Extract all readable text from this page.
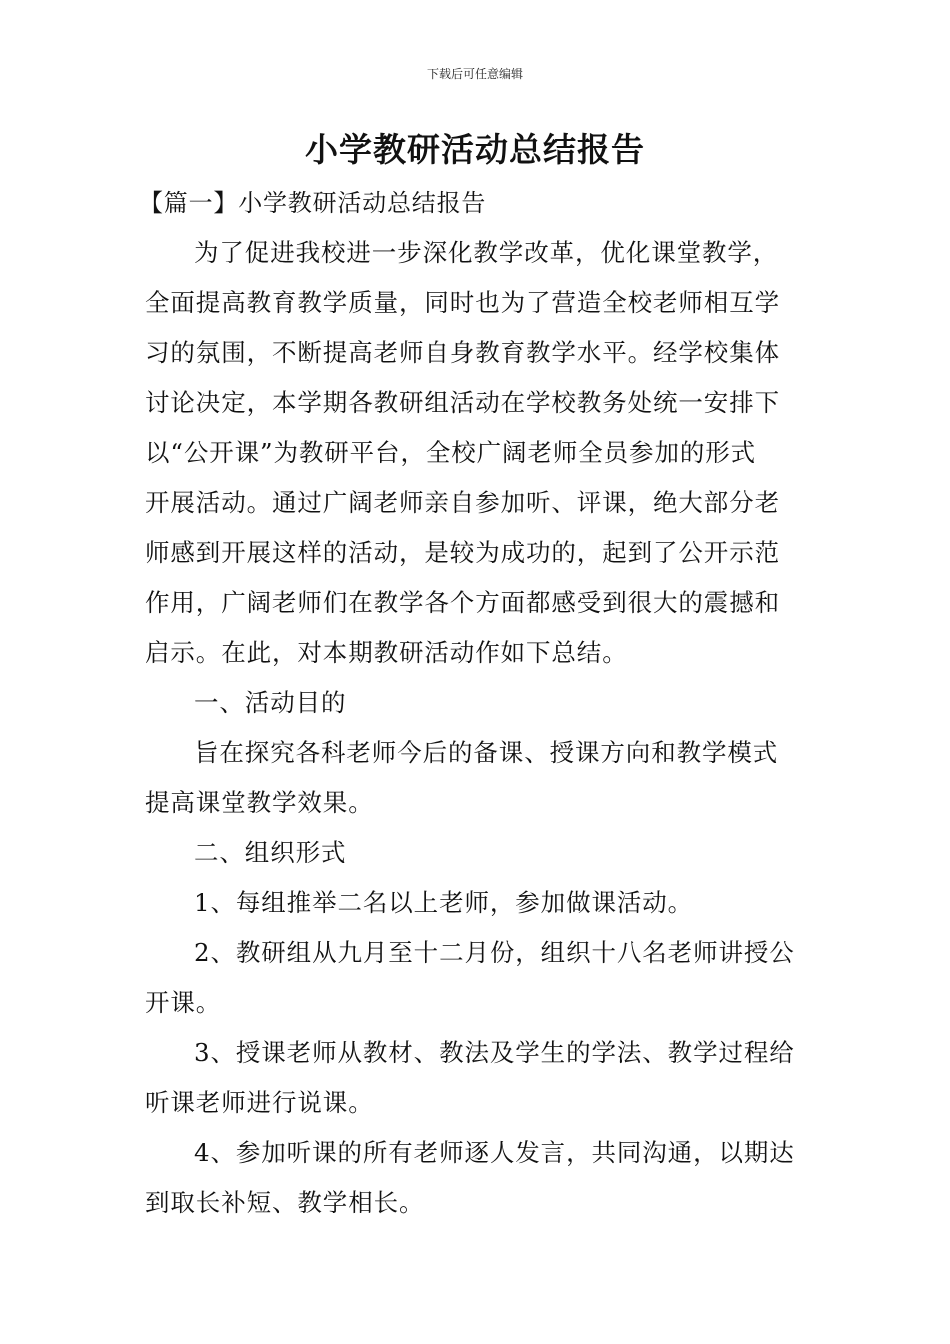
下载后可任意编辑
小学教研活动总结报告
【篇一】小学教研活动总结报告
为了促进我校进一步深化教学改革，优化课堂教学，
全面提高教育教学质量，同时也为了营造全校老师相互学
习的氛围，不断提高老师自身教育教学水平。经学校集体
讨论决定，本学期各教研组活动在学校教务处统一安排下
以“公开课”为教研平台，全校广阔老师全员参加的形式
开展活动。通过广阔老师亲自参加听、评课，绝大部分老
师感到开展这样的活动，是较为成功的，起到了公开示范
作用，广阔老师们在教学各个方面都感受到很大的震撼和
启示。在此，对本期教研活动作如下总结。
一、活动目的
旨在探究各科老师今后的备课、授课方向和教学模式
提高课堂教学效果。
二、组织形式
1、每组推举二名以上老师，参加做课活动。
2、教研组从九月至十二月份，组织十八名老师讲授公
开课。
3、授课老师从教材、教法及学生的学法、教学过程给
听课老师进行说课。
4、参加听课的所有老师逐人发言，共同沟通，以期达
到取长补短、教学相长。
